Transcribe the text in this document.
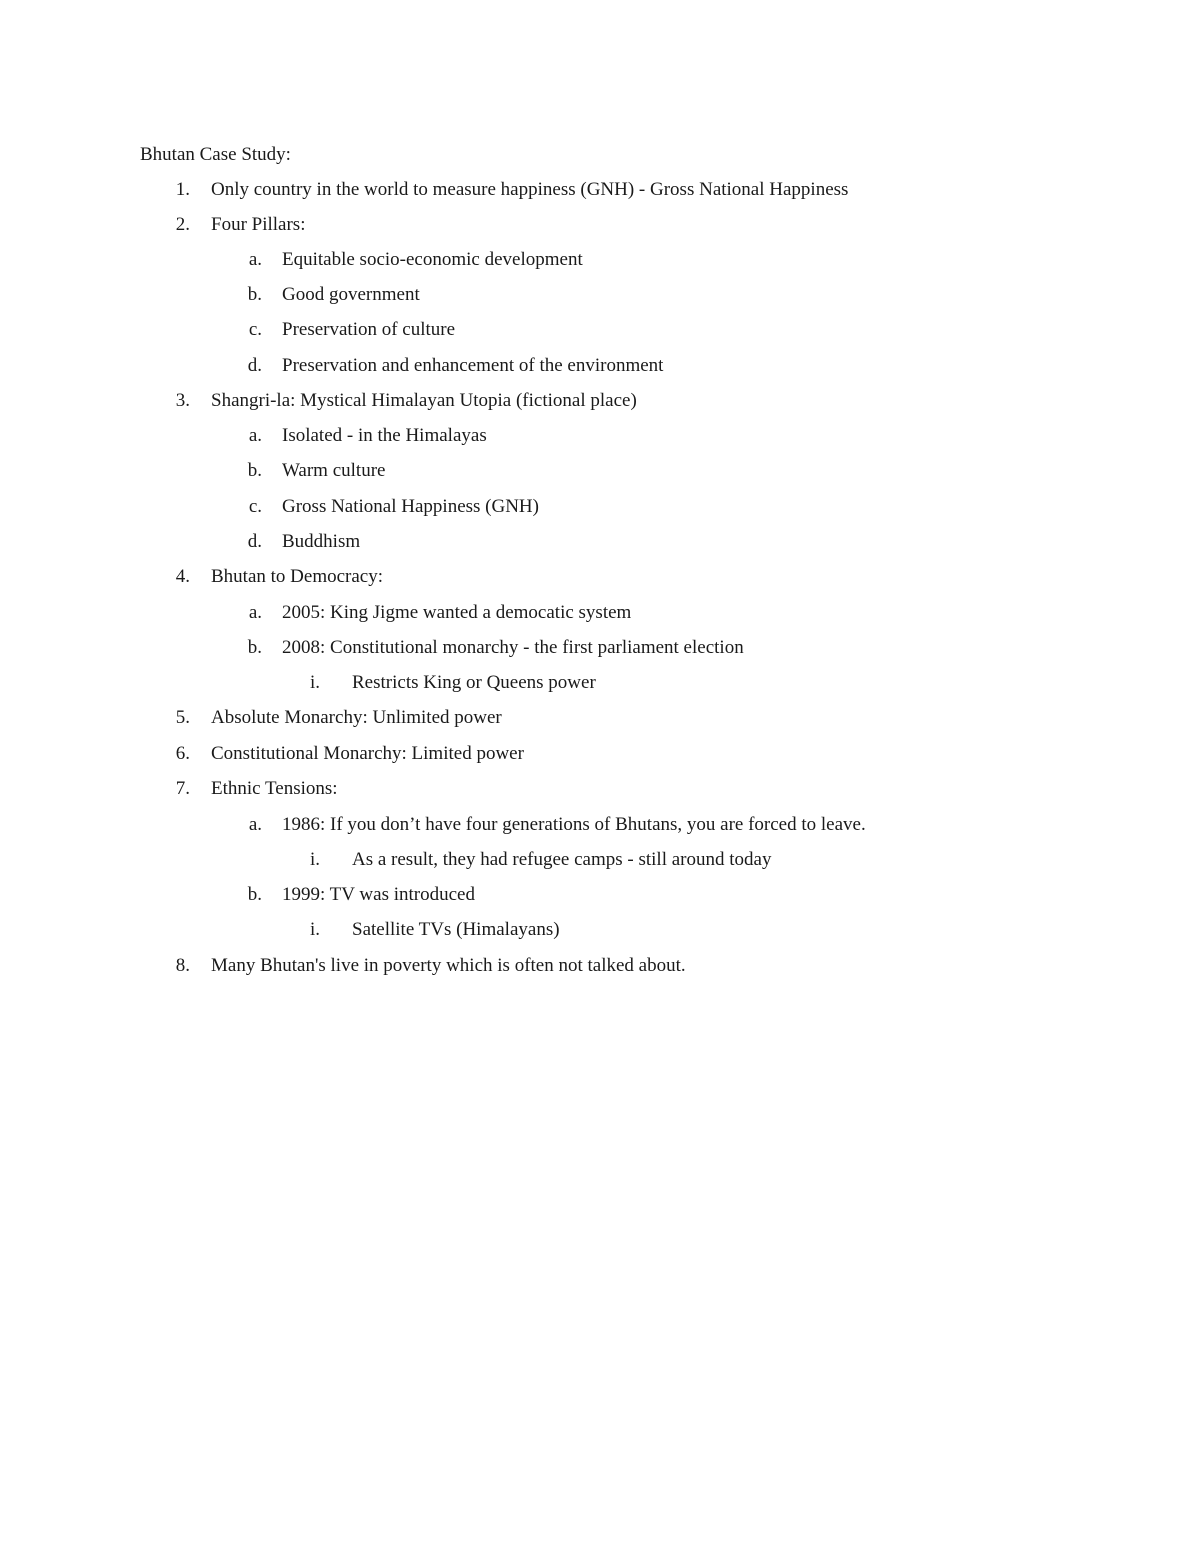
Bhutan Case Study:
1. Only country in the world to measure happiness (GNH) - Gross National Happiness
2. Four Pillars:
a. Equitable socio-economic development
b. Good government
c. Preservation of culture
d. Preservation and enhancement of the environment
3. Shangri-la: Mystical Himalayan Utopia (fictional place)
a. Isolated - in the Himalayas
b. Warm culture
c. Gross National Happiness (GNH)
d. Buddhism
4. Bhutan to Democracy:
a. 2005: King Jigme wanted a democatic system
b. 2008: Constitutional monarchy - the first parliament election
i. Restricts King or Queens power
5. Absolute Monarchy: Unlimited power
6. Constitutional Monarchy: Limited power
7. Ethnic Tensions:
a. 1986: If you don’t have four generations of Bhutans, you are forced to leave.
i. As a result, they had refugee camps - still around today
b. 1999: TV was introduced
i. Satellite TVs (Himalayans)
8. Many Bhutan's live in poverty which is often not talked about.
